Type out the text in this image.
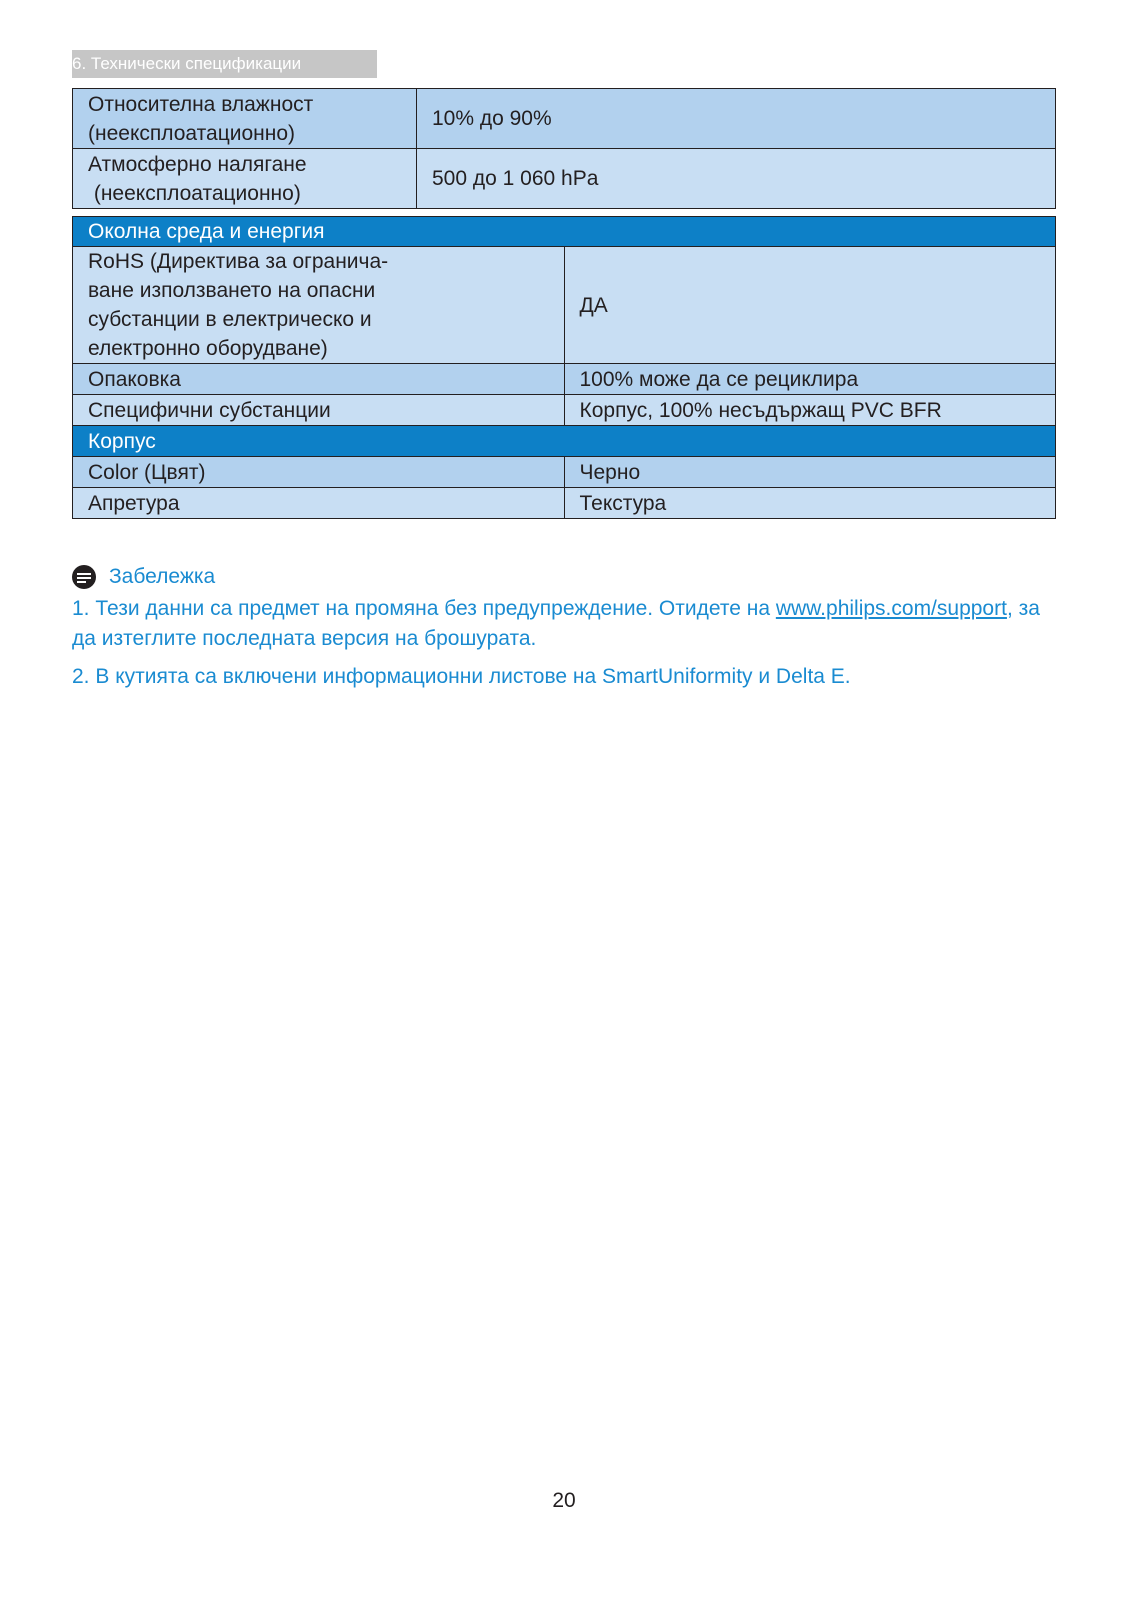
6. Технически спецификации
Относителна влажност
(неексплоатационно)	10% до 90%

Атмосферно налягане
(неексплоатационно)	500 до 1 060 hPa
Околна среда и енергия	

RoHS (Директива за ограничa-
ване използването на опасни
субстанции в електрическо и
електронно оборудване)	ДА
Опаковка	100% може да се рециклира
Специфични субстанции	Корпус, 100% несъдържащ PVC BFR
Корпус	
Color (Цвят)	Черно
Апретура	Текстура
Забележка

1. Тези данни са предмет на промяна без предупреждение. Отидете на www.philips.com/support, за да изтеглите последната версия на брошурата.

2. В кутията са включени информационни листове на SmartUniformity и Delta E.

20
